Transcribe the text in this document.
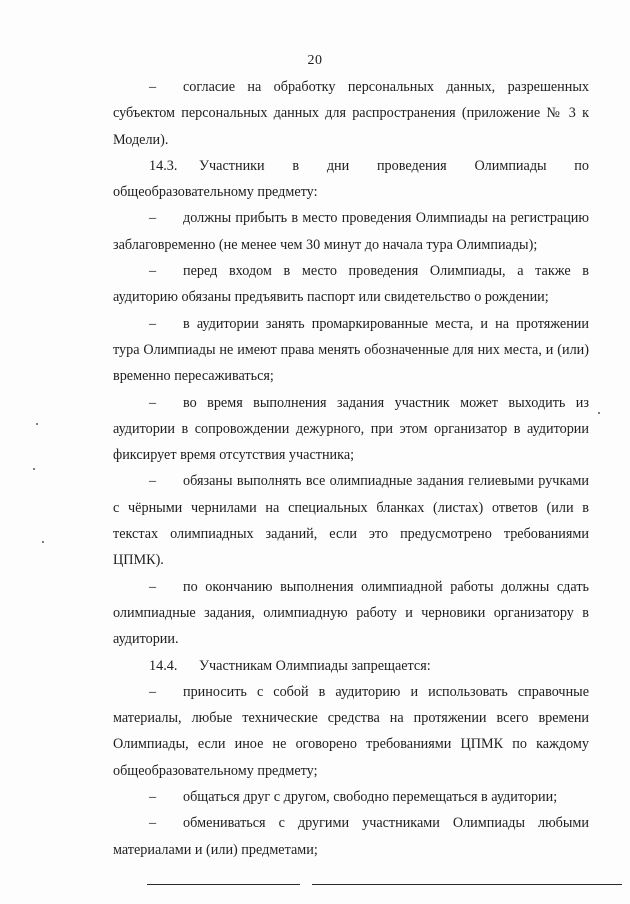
20

– согласие на обработку персональных данных, разрешенных субъектом персональных данных для распространения (приложение № 3 к Модели).

14.3. Участники в дни проведения Олимпиады по общеобразовательному предмету:

– должны прибыть в место проведения Олимпиады на регистрацию заблаговременно (не менее чем 30 минут до начала тура Олимпиады);

– перед входом в место проведения Олимпиады, а также в аудиторию обязаны предъявить паспорт или свидетельство о рождении;

– в аудитории занять промаркированные места, и на протяжении тура Олимпиады не имеют права менять обозначенные для них места, и (или) временно пересаживаться;

– во время выполнения задания участник может выходить из аудитории в сопровождении дежурного, при этом организатор в аудитории фиксирует время отсутствия участника;

– обязаны выполнять все олимпиадные задания гелиевыми ручками с чёрными чернилами на специальных бланках (листах) ответов (или в текстах олимпиадных заданий, если это предусмотрено требованиями ЦПМК).

– по окончанию выполнения олимпиадной работы должны сдать олимпиадные задания, олимпиадную работу и черновики организатору в аудитории.

14.4. Участникам Олимпиады запрещается:

– приносить с собой в аудиторию и использовать справочные материалы, любые технические средства на протяжении всего времени Олимпиады, если иное не оговорено требованиями ЦПМК по каждому общеобразовательному предмету;

– общаться друг с другом, свободно перемещаться в аудитории;

– обмениваться с другими участниками Олимпиады любыми материалами и (или) предметами;
